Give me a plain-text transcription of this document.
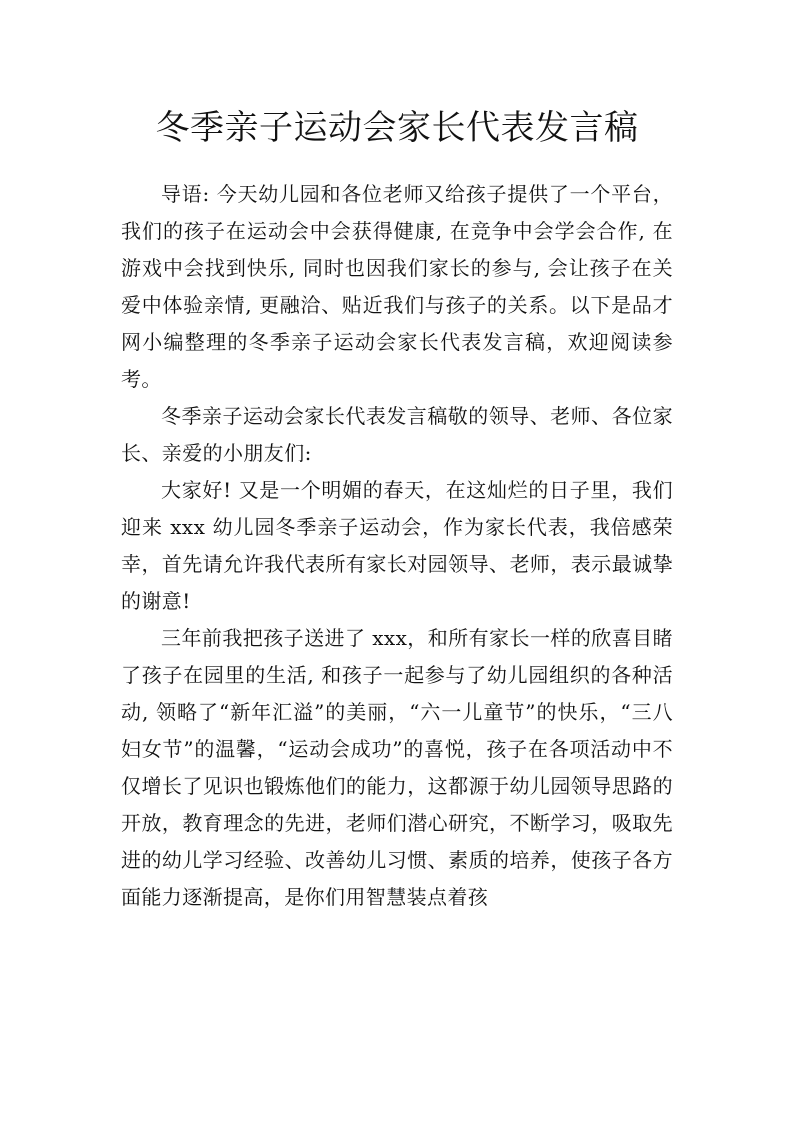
冬季亲子运动会家长代表发言稿

导语: 今天幼儿园和各位老师又给孩子提供了一个平台，我们的孩子在运动会中会获得健康, 在竞争中会学会合作, 在游戏中会找到快乐, 同时也因我们家长的参与, 会让孩子在关爱中体验亲情, 更融洽、贴近我们与孩子的关系。以下是品才网小编整理的冬季亲子运动会家长代表发言稿，欢迎阅读参考。

冬季亲子运动会家长代表发言稿敬的领导、老师、各位家长、亲爱的小朋友们:

大家好! 又是一个明媚的春天，在这灿烂的日子里，我们迎来 xxx 幼儿园冬季亲子运动会，作为家长代表，我倍感荣幸，首先请允许我代表所有家长对园领导、老师，表示最诚挚的谢意!

三年前我把孩子送进了 xxx，和所有家长一样的欣喜目睹了孩子在园里的生活, 和孩子一起参与了幼儿园组织的各种活动, 领略了“新年汇溢”的美丽，“六一儿童节”的快乐，“三八妇女节”的温馨，“运动会成功”的喜悦，孩子在各项活动中不仅增长了见识也锻炼他们的能力，这都源于幼儿园领导思路的开放，教育理念的先进，老师们潜心研究，不断学习，吸取先进的幼儿学习经验、改善幼儿习惯、素质的培养，使孩子各方面能力逐渐提高，是你们用智慧装点着孩
